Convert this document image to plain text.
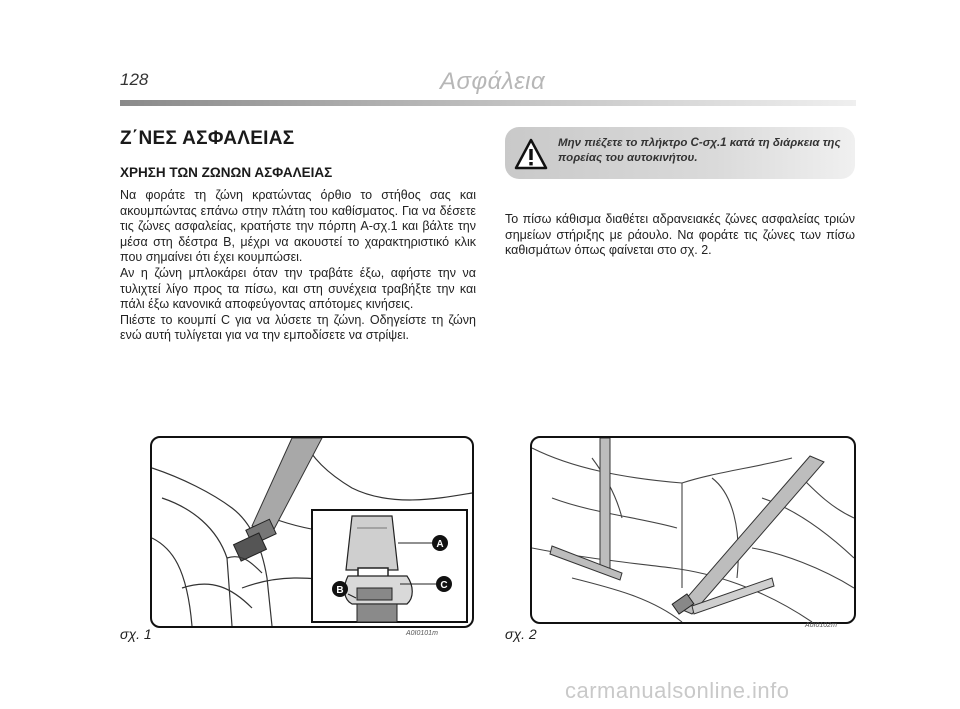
128	Ασφάλεια
Ζ΄ΝΕΣ ΑΣΦΑΛΕΙΑΣ
ΧΡΗΣΗ ΤΩΝ ΖΩΝΩΝ ΑΣΦΑΛΕΙΑΣ

Να φοράτε τη ζώνη κρατώντας όρθιο το στήθος σας και ακουμπώντας επάνω στην πλάτη του καθίσματος. Για να δέσετε τις ζώνες ασφαλείας, κρατήστε την πόρπη A-σχ.1 και βάλτε την μέσα στη δέστρα B, μέχρι να ακουστεί το χαρακτηριστικό κλικ που σημαίνει ότι έχει κουμπώσει.

Αν η ζώνη μπλοκάρει όταν την τραβάτε έξω, αφήστε την να τυλιχτεί λίγο προς τα πίσω, και στη συνέχεια τραβήξτε την και πάλι έξω κανονικά αποφεύγοντας απότομες κινήσεις.

Πιέστε το κουμπί C για να λύσετε τη ζώνη. Οδηγείστε τη ζώνη ενώ αυτή τυλίγεται για να την εμποδίσετε να στρίψει.

Μην πιέζετε το πλήκτρο C-σχ.1 κατά τη διάρκεια της πορείας του αυτοκινήτου.
Το πίσω κάθισμα διαθέτει αδρανειακές ζώνες ασφαλείας τριών σημείων στήριξης με ράουλο. Να φοράτε τις ζώνες των πίσω καθισμάτων όπως φαίνεται στο σχ. 2.
A
B	C
σχ. 1	A0I0101m	σχ. 2
A0I0102m
carmanualsonline.info
